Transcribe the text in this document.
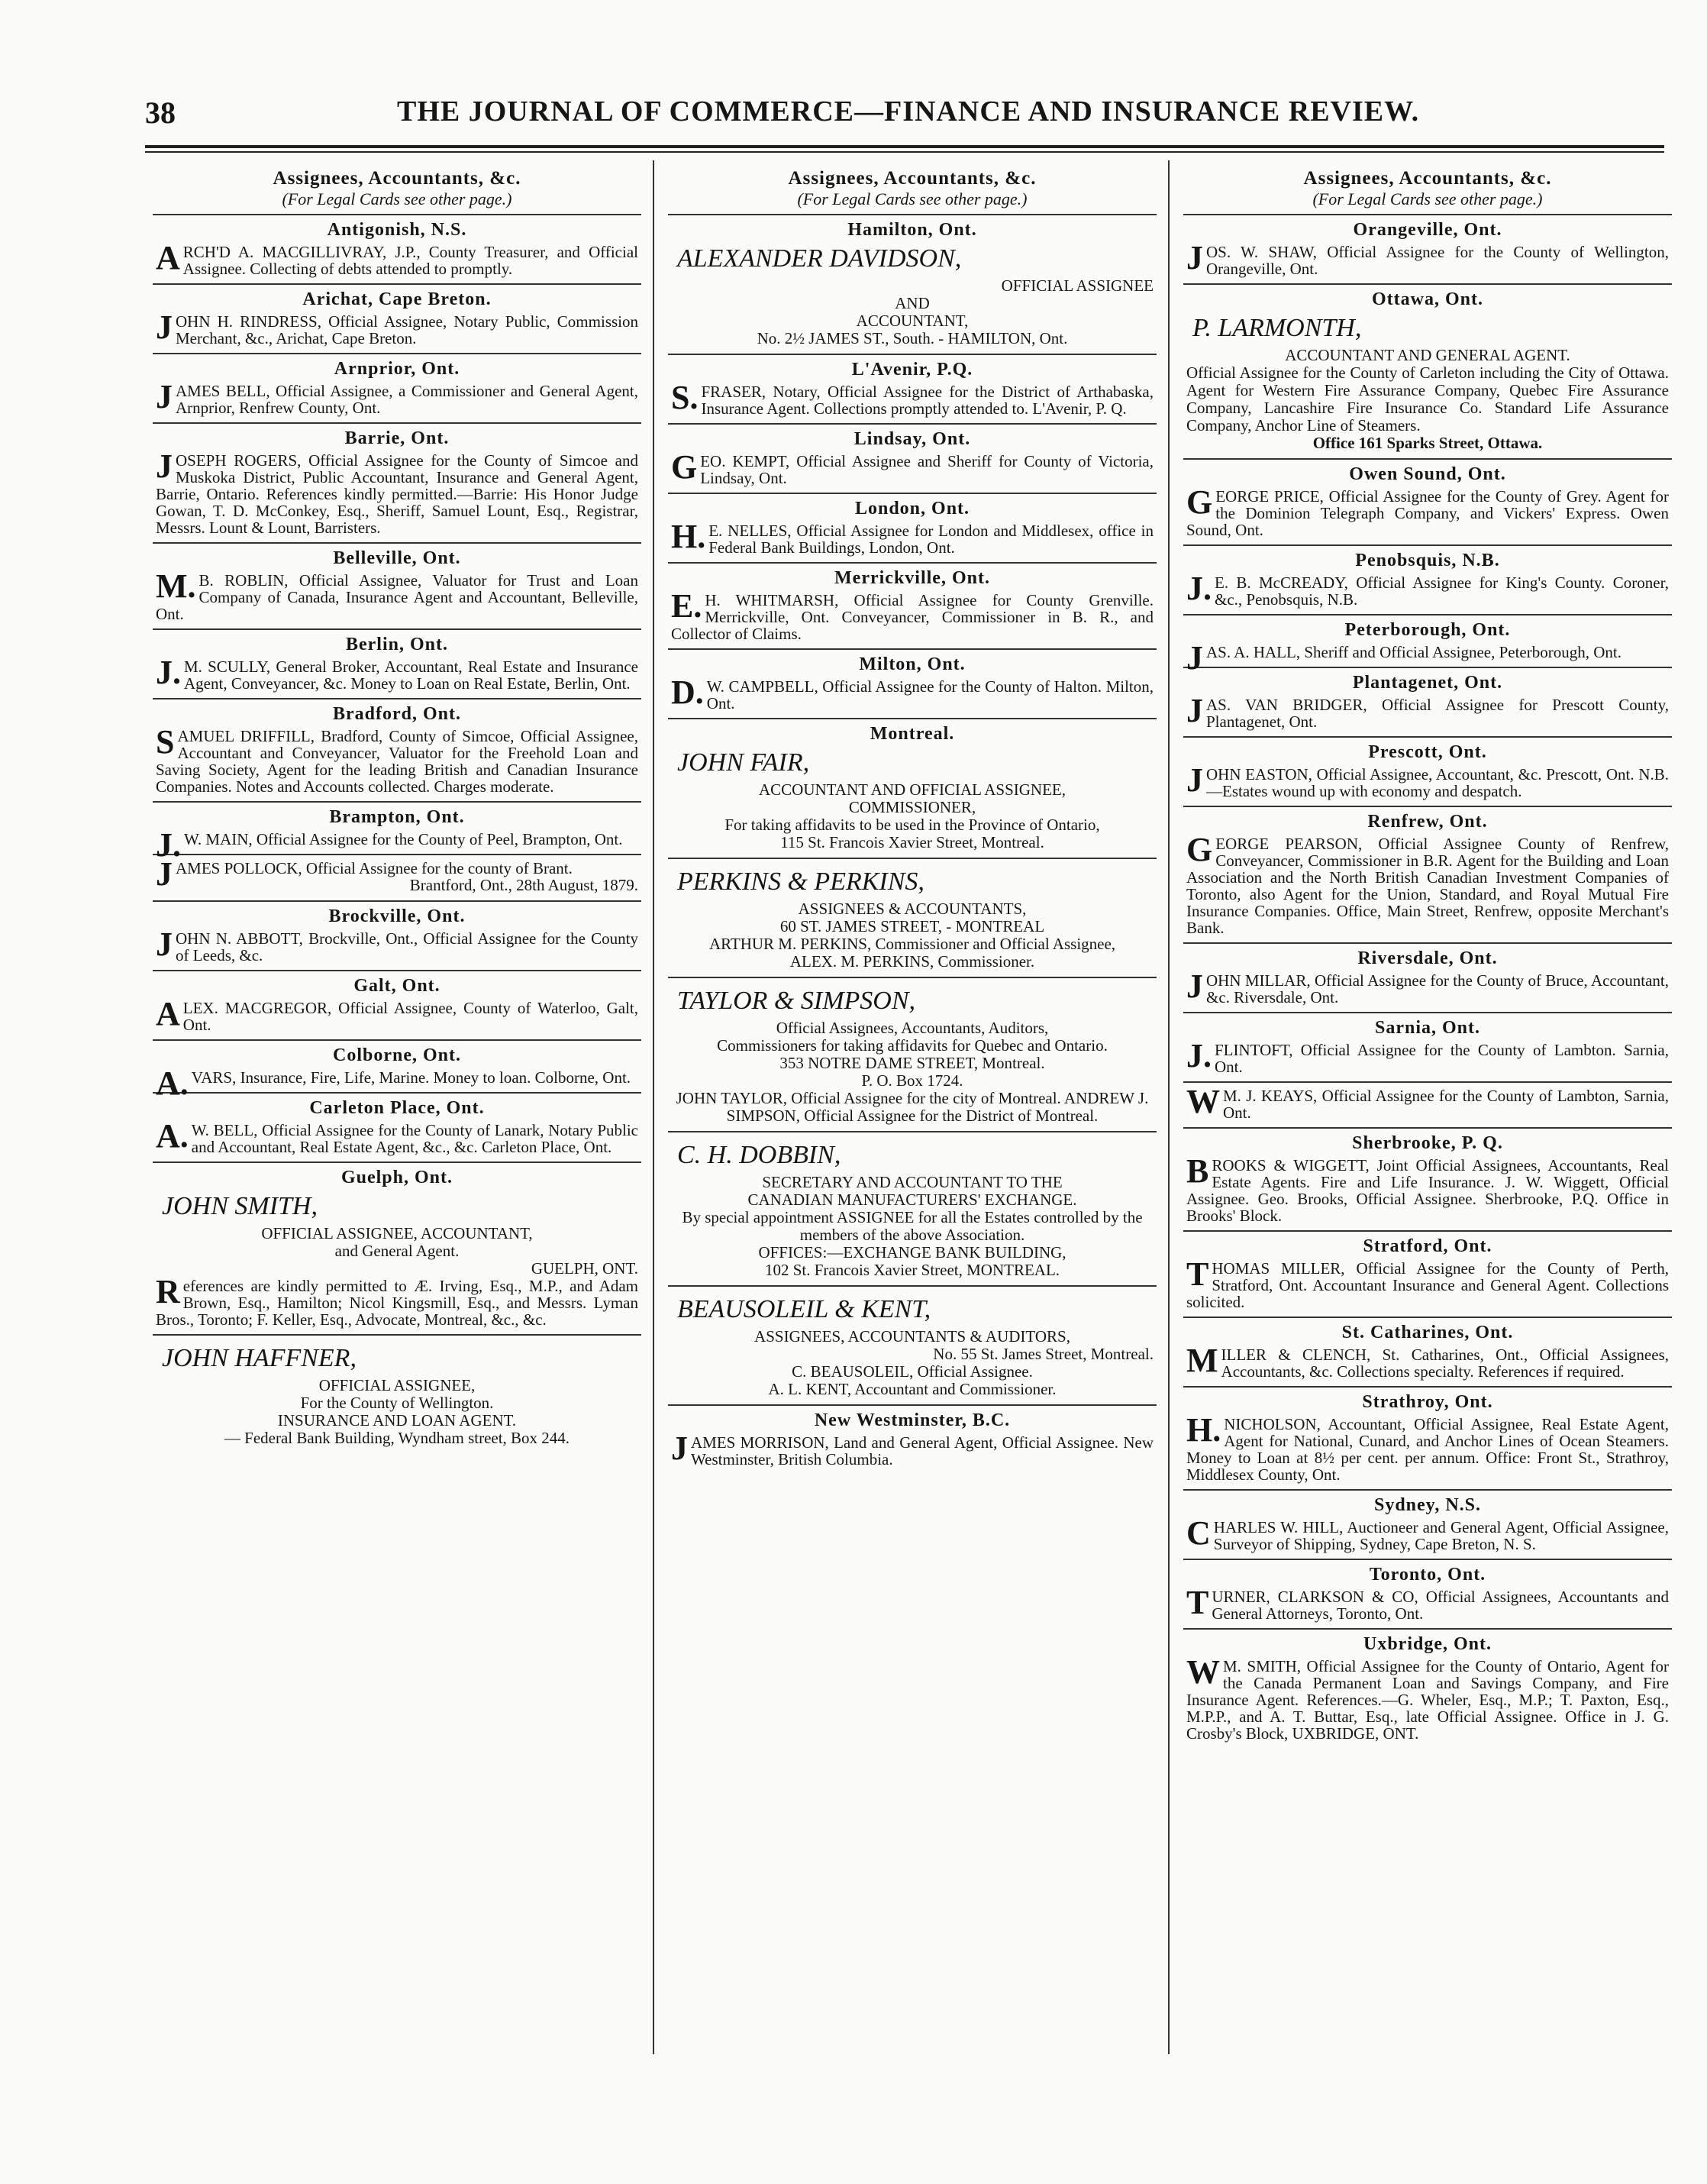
38	THE JOURNAL OF COMMERCE—FINANCE AND INSURANCE REVIEW.
Assignees, Accountants, &c.
(For Legal Cards see other page.)
Antigonish, N.S.
ARCH'D A. MACGILLIVRAY, J.P., County Treasurer, and Official Assignee. Collecting of debts attended to promptly.
Arichat, Cape Breton.
JOHN H. RINDRESS, Official Assignee, Notary Public, Commission Merchant, &c., Arichat, Cape Breton.
Arnprior, Ont.
JAMES BELL, Official Assignee, a Commissioner and General Agent, Arnprior, Renfrew County, Ont.
Barrie, Ont.
JOSEPH ROGERS, Official Assignee for the County of Simcoe and Muskoka District, Public Accountant, Insurance and General Agent, Barrie, Ontario. References kindly permitted.—Barrie: His Honor Judge Gowan, T. D. McConkey, Esq., Sheriff, Samuel Lount, Esq., Registrar, Messrs. Lount & Lount, Barristers.
Belleville, Ont.
M.B. ROBLIN, Official Assignee, Valuator for Trust and Loan Company of Canada, Insurance Agent and Accountant, Belleville, Ont.
Berlin, Ont.
J.M. SCULLY, General Broker, Accountant, Real Estate and Insurance Agent, Conveyancer, &c. Money to Loan on Real Estate, Berlin, Ont.
Bradford, Ont.
SAMUEL DRIFFILL, Bradford, County of Simcoe, Official Assignee, Accountant and Conveyancer, Valuator for the Freehold Loan and Saving Society, Agent for the leading British and Canadian Insurance Companies. Notes and Accounts collected. Charges moderate.
Brampton, Ont.
J.W. MAIN, Official Assignee for the County of Peel, Brampton, Ont.
JAMES POLLOCK, Official Assignee for the county of Brant.
Brantford, Ont., 28th August, 1879.
Brockville, Ont.
JOHN N. ABBOTT, Brockville, Ont., Official Assignee for the County of Leeds, &c.
Galt, Ont.
ALEX. MACGREGOR, Official Assignee, County of Waterloo, Galt, Ont.
Colborne, Ont.
A.VARS, Insurance, Fire, Life, Marine. Money to loan. Colborne, Ont.
Carleton Place, Ont.
A.W. BELL, Official Assignee for the County of Lanark, Notary Public and Accountant, Real Estate Agent, &c., &c. Carleton Place, Ont.
Guelph, Ont.
JOHN SMITH,
OFFICIAL ASSIGNEE, ACCOUNTANT,
and General Agent.
GUELPH, ONT.
References are kindly permitted to Æ. Irving, Esq., M.P., and Adam Brown, Esq., Hamilton; Nicol Kingsmill, Esq., and Messrs. Lyman Bros., Toronto; F. Keller, Esq., Advocate, Montreal, &c., &c.
JOHN HAFFNER,
OFFICIAL ASSIGNEE,
For the County of Wellington.
INSURANCE AND LOAN AGENT.
— Federal Bank Building, Wyndham street, Box 244.
Assignees, Accountants, &c.
(For Legal Cards see other page.)
Hamilton, Ont.
ALEXANDER DAVIDSON,
OFFICIAL ASSIGNEE
AND
ACCOUNTANT,
No. 2½ JAMES ST., South. - HAMILTON, Ont.
L'Avenir, P.Q.
S.FRASER, Notary, Official Assignee for the District of Arthabaska, Insurance Agent. Collections promptly attended to. L'Avenir, P. Q.
Lindsay, Ont.
GEO. KEMPT, Official Assignee and Sheriff for County of Victoria, Lindsay, Ont.
London, Ont.
H.E. NELLES, Official Assignee for London and Middlesex, office in Federal Bank Buildings, London, Ont.
Merrickville, Ont.
E.H. WHITMARSH, Official Assignee for County Grenville. Merrickville, Ont. Conveyancer, Commissioner in B. R., and Collector of Claims.
Milton, Ont.
D.W. CAMPBELL, Official Assignee for the County of Halton. Milton, Ont.
Montreal.
JOHN FAIR,
ACCOUNTANT AND OFFICIAL ASSIGNEE,
COMMISSIONER,
For taking affidavits to be used in the Province of Ontario,
115 St. Francois Xavier Street, Montreal.
PERKINS & PERKINS,
ASSIGNEES & ACCOUNTANTS,
60 ST. JAMES STREET, - MONTREAL
ARTHUR M. PERKINS, Commissioner and Official Assignee,
ALEX. M. PERKINS, Commissioner.
TAYLOR & SIMPSON,
Official Assignees, Accountants, Auditors,
Commissioners for taking affidavits for Quebec and Ontario.
353 NOTRE DAME STREET, Montreal.
P. O. Box 1724.
JOHN TAYLOR, Official Assignee for the city of Montreal. ANDREW J. SIMPSON, Official Assignee for the District of Montreal.
C. H. DOBBIN,
SECRETARY AND ACCOUNTANT TO THE
CANADIAN MANUFACTURERS' EXCHANGE.
By special appointment ASSIGNEE for all the Estates controlled by the members of the above Association.
OFFICES:—EXCHANGE BANK BUILDING,
102 St. Francois Xavier Street, MONTREAL.
BEAUSOLEIL & KENT,
ASSIGNEES, ACCOUNTANTS & AUDITORS,
No. 55 St. James Street, Montreal.
C. BEAUSOLEIL, Official Assignee.
A. L. KENT, Accountant and Commissioner.
New Westminster, B.C.
JAMES MORRISON, Land and General Agent, Official Assignee. New Westminster, British Columbia.
Assignees, Accountants, &c.
(For Legal Cards see other page.)
Orangeville, Ont.
JOS. W. SHAW, Official Assignee for the County of Wellington, Orangeville, Ont.
Ottawa, Ont.
P. LARMONTH,
ACCOUNTANT AND GENERAL AGENT.
Official Assignee for the County of Carleton including the City of Ottawa. Agent for Western Fire Assurance Company, Quebec Fire Assurance Company, Lancashire Fire Insurance Co. Standard Life Assurance Company, Anchor Line of Steamers.
Office 161 Sparks Street, Ottawa.
Owen Sound, Ont.
GEORGE PRICE, Official Assignee for the County of Grey. Agent for the Dominion Telegraph Company, and Vickers' Express. Owen Sound, Ont.
Penobsquis, N.B.
J.E. B. McCREADY, Official Assignee for King's County. Coroner, &c., Penobsquis, N.B.
Peterborough, Ont.
JAS. A. HALL, Sheriff and Official Assignee, Peterborough, Ont.
Plantagenet, Ont.
JAS. VAN BRIDGER, Official Assignee for Prescott County, Plantagenet, Ont.
Prescott, Ont.
JOHN EASTON, Official Assignee, Accountant, &c. Prescott, Ont. N.B.—Estates wound up with economy and despatch.
Renfrew, Ont.
GEORGE PEARSON, Official Assignee County of Renfrew, Conveyancer, Commissioner in B.R. Agent for the Building and Loan Association and the North British Canadian Investment Companies of Toronto, also Agent for the Union, Standard, and Royal Mutual Fire Insurance Companies. Office, Main Street, Renfrew, opposite Merchant's Bank.
Riversdale, Ont.
JOHN MILLAR, Official Assignee for the County of Bruce, Accountant, &c. Riversdale, Ont.
Sarnia, Ont.
J.FLINTOFT, Official Assignee for the County of Lambton. Sarnia, Ont.
WM. J. KEAYS, Official Assignee for the County of Lambton, Sarnia, Ont.
Sherbrooke, P. Q.
BROOKS & WIGGETT, Joint Official Assignees, Accountants, Real Estate Agents. Fire and Life Insurance. J. W. Wiggett, Official Assignee. Geo. Brooks, Official Assignee. Sherbrooke, P.Q. Office in Brooks' Block.
Stratford, Ont.
THOMAS MILLER, Official Assignee for the County of Perth, Stratford, Ont. Accountant Insurance and General Agent. Collections solicited.
St. Catharines, Ont.
MILLER & CLENCH, St. Catharines, Ont., Official Assignees, Accountants, &c. Collections specialty. References if required.
Strathroy, Ont.
H.NICHOLSON, Accountant, Official Assignee, Real Estate Agent, Agent for National, Cunard, and Anchor Lines of Ocean Steamers. Money to Loan at 8½ per cent. per annum. Office: Front St., Strathroy, Middlesex County, Ont.
Sydney, N.S.
CHARLES W. HILL, Auctioneer and General Agent, Official Assignee, Surveyor of Shipping, Sydney, Cape Breton, N. S.
Toronto, Ont.
TURNER, CLARKSON & CO, Official Assignees, Accountants and General Attorneys, Toronto, Ont.
Uxbridge, Ont.
WM. SMITH, Official Assignee for the County of Ontario, Agent for the Canada Permanent Loan and Savings Company, and Fire Insurance Agent. References.—G. Wheler, Esq., M.P.; T. Paxton, Esq., M.P.P., and A. T. Buttar, Esq., late Official Assignee. Office in J. G. Crosby's Block, UXBRIDGE, ONT.
